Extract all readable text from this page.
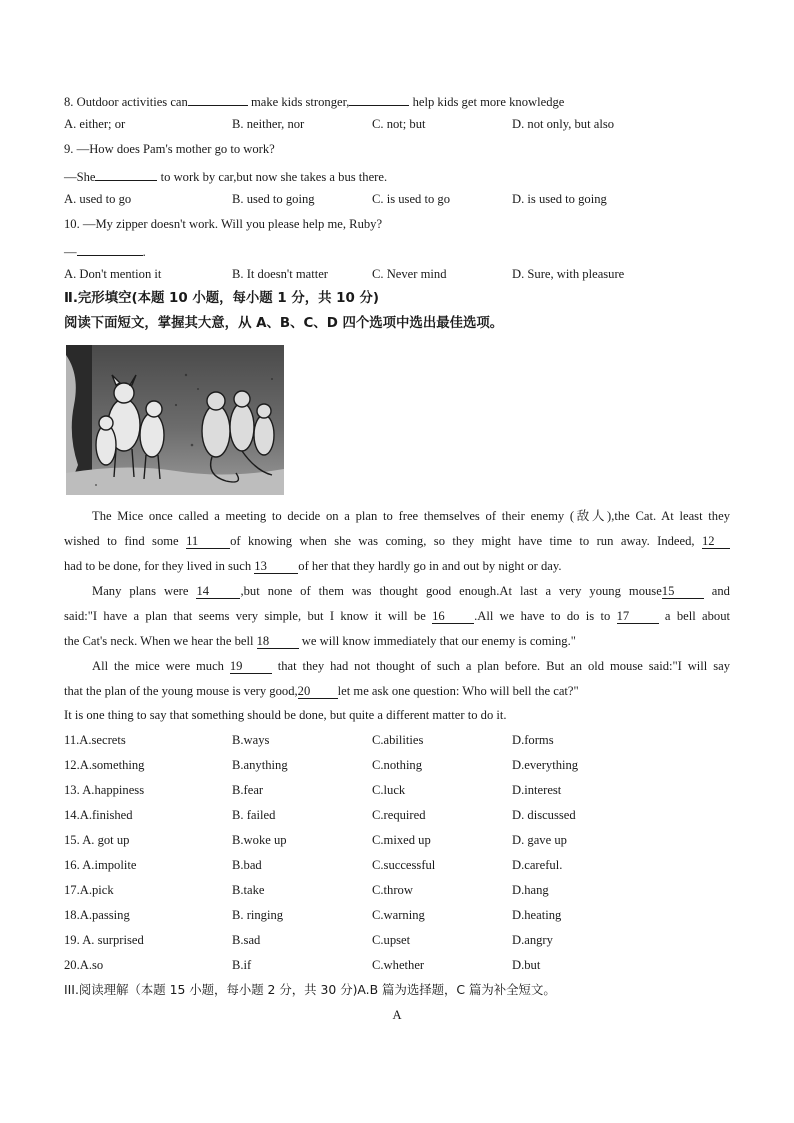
8. Outdoor activities can	make kids stronger,	help kids get more knowledge
A. either; or	B. neither, nor	C. not; but	D. not only, but also
9. —How does Pam's mother go to work?
—She	to work by car,but now she takes a bus there.
A. used to go	B. used to going	C. is used to go	D. is used to going
10. —My zipper doesn't work. Will you please help me, Ruby?
—	.
A. Don't mention it	B. It doesn't matter	C. Never mind	D. Sure, with pleasure
Ⅱ.完形填空(本题 10 小题，每小题 1 分，共 10 分)
阅读下面短文，掌握其大意，从 A、B、C、D 四个选项中选出最佳选项。
The Mice once called a meeting to decide on a plan to free themselves of their enemy (敌人),the Cat. At least they
wished to find some 11	of knowing when she was coming, so they might have time to run away. Indeed, 12
had to be done, for they lived in such 13 of her that they hardly go in and out by night or day.
Many plans were 14 ,but none of them was thought good enough.At last a very young mouse15 and
said:"I have a plan that seems very simple, but I know it will be 16 .All we have to do is to 17 a bell about
the Cat's neck. When we hear the bell 18 we will know immediately that our enemy is coming."
All the mice were much 19 that they had not thought of such a plan before. But an old mouse said:"I will say
that the plan of the young mouse is very good,20 let me ask one question: Who will bell the cat?"
It is one thing to say that something should be done, but quite a different matter to do it.
11.A.secrets	B.ways	C.abilities	D.forms
12.A.something	B.anything	C.nothing	D.everything
13. A.happiness	B.fear	C.luck	D.interest
14.A.finished	B. failed	C.required	D. discussed
15. A. got up	B.woke up	C.mixed up	D. gave up
16. A.impolite	B.bad	C.successful	D.careful.
17.A.pick	B.take	C.throw	D.hang
18.A.passing	B. ringing	C.warning	D.heating
19. A. surprised	B.sad	C.upset	D.angry
20.A.so	B.if	C.whether	D.but
III.阅读理解（本题 15 小题，每小题 2 分，共 30 分)A.B 篇为选择题，C 篇为补全短文。
A
